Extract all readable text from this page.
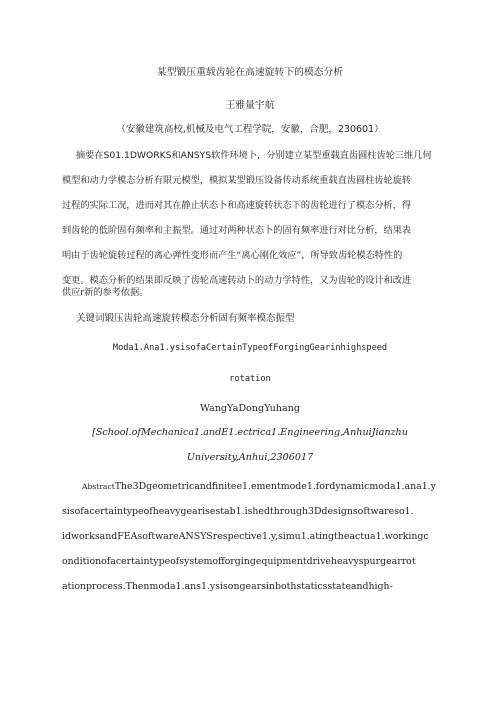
某型锻压重载齿轮在高速旋转下的模态分析
王雅量宇航
（安徽建筑高校,机械及电气工程学院，安徽，合肥，230601）
摘要在S01.1DWORKS和ANSYS软件环境卜，分别建立某型重载直齿圆柱齿轮三维几何
模型和动力学模态分析有限元模型，模拟某型锻压设备传动系统重载直齿圆柱齿轮旋转
过程的实际工况，进而对其在静止状态卜和高速旋转状态下的齿轮进行了模态分析，得
到齿轮的低阶固有频率和主振型。通过对两种状态卜的固有频率进行对比分析，结果表
明由于齿轮旋转过程的离心弹性变形而产生“离心刚化效应”，所导致齿轮模态特性的
变更。模态分析的结果即反映了齿轮高速转动卜的动力学特性，又为齿轮的设计和改进
供应r新的参考依据。
关键词锻压齿轮高速旋转模态分析固有频率模态振型
Moda1.Ana1.ysisofaCertainTypeofForgingGearinhighspeed
rotation
WangYaDongYuhang
[School.ofMechanica1.andE1.ectrica1.Engineering,AnhuiJianzhu
University,Anhui,2306017
AbstractThe3Dgeometricandfinitee1.ementmode1.fordynamicmoda1.ana1.y
sisofacertaintypeofheavygearisestab1.ishedthrough3Ddesignsoftwareso1.
idworksandFEAsoftwareANSYSrespective1.y,simu1.atingtheactua1.workingc
onditionofacertaintypeofsystemofforgingequipmentdriveheavyspurgearrot
ationprocess.Thenmoda1.ans1.ysisongearsinbothstaticsstateandhigh-
